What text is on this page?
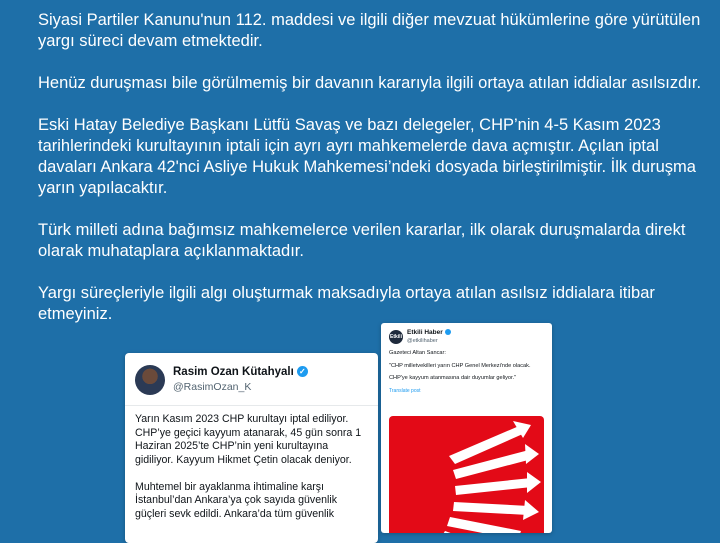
Siyasi Partiler Kanunu'nun 112. maddesi ve ilgili diğer mevzuat hükümlerine göre yürütülen yargı süreci devam etmektedir.

Henüz duruşması bile görülmemiş bir davanın kararıyla ilgili ortaya atılan iddialar asılsızdır.

Eski Hatay Belediye Başkanı Lütfü Savaş ve bazı delegeler, CHP’nin 4-5 Kasım 2023 tarihlerindeki kurultayının iptali için ayrı ayrı mahkemelerde dava açmıştır. Açılan iptal davaları Ankara 42'nci Asliye Hukuk Mahkemesi’ndeki dosyada birleştirilmiştir. İlk duruşma yarın yapılacaktır.

Türk milleti adına bağımsız mahkemelerce verilen kararlar, ilk olarak duruşmalarda direkt olarak muhataplara açıklanmaktadır.

Yargı süreçleriyle ilgili algı oluşturmak maksadıyla ortaya atılan asılsız iddialara itibar etmeyiniz.

Rasim Ozan Kütahyalı ✓
@RasimOzan_K

Yarın Kasım 2023 CHP kurultayı iptal ediliyor. CHP’ye geçici kayyum atanarak, 45 gün sonra 1 Haziran 2025’te CHP’nin yeni kurultayına gidiliyor. Kayyum Hikmet Çetin olacak deniyor.

Muhtemel bir ayaklanma ihtimaline karşı İstanbul’dan Ankara’ya çok sayıda güvenlik güçleri sevk edildi. Ankara’da tüm güvenlik

Etkili
Etkili Haber
@etkilihaber

Gazeteci Altan Sancar:

"CHP milletvekilleri yarın CHP Genel Merkezi'nde olacak.

CHP'ye kayyum atanmasına dair duyumlar geliyor."

Translate post
